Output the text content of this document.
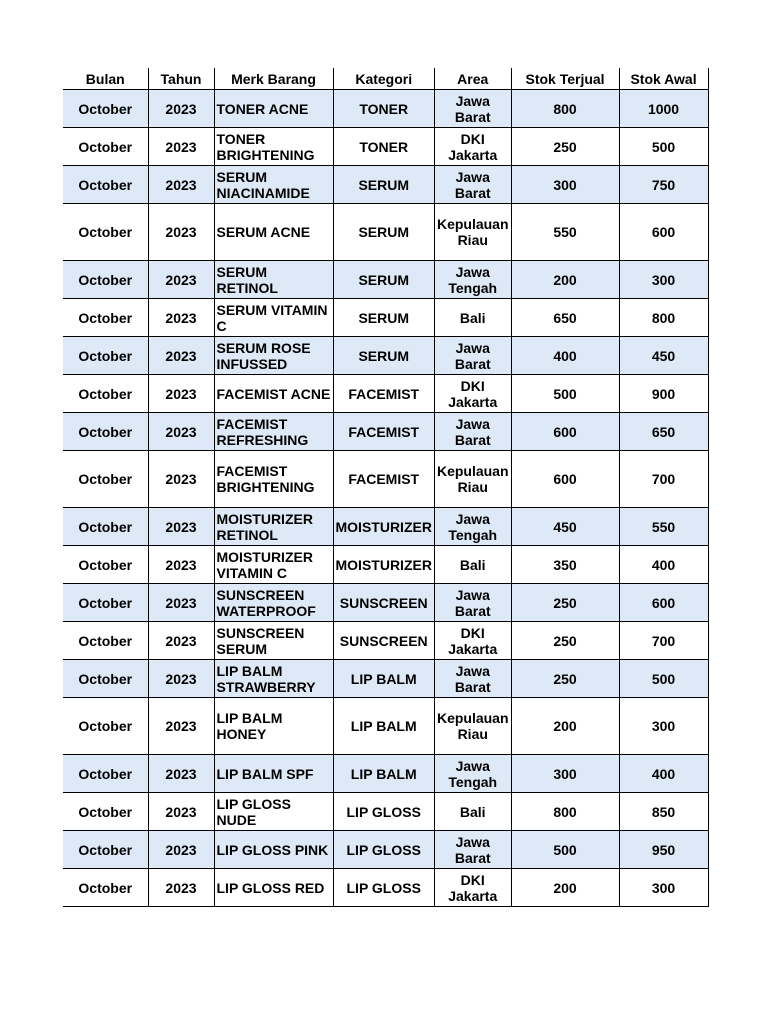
Bulan	Tahun	Merk Barang	Kategori	Area	Stok Terjual	Stok Awal
October	2023	TONER ACNE	TONER	Jawa Barat	800	1000
October	2023	TONER BRIGHTENING	TONER	DKI Jakarta	250	500
October	2023	SERUM NIACINAMIDE	SERUM	Jawa Barat	300	750
October	2023	SERUM ACNE	SERUM	Kepulauan Riau	550	600
October	2023	SERUM RETINOL	SERUM	Jawa Tengah	200	300
October	2023	SERUM VITAMIN C	SERUM	Bali	650	800
October	2023	SERUM ROSE INFUSSED	SERUM	Jawa Barat	400	450
October	2023	FACEMIST ACNE	FACEMIST	DKI Jakarta	500	900
October	2023	FACEMIST REFRESHING	FACEMIST	Jawa Barat	600	650
October	2023	FACEMIST BRIGHTENING	FACEMIST	Kepulauan Riau	600	700
October	2023	MOISTURIZER RETINOL	MOISTURIZER	Jawa Tengah	450	550
October	2023	MOISTURIZER VITAMIN C	MOISTURIZER	Bali	350	400
October	2023	SUNSCREEN WATERPROOF	SUNSCREEN	Jawa Barat	250	600
October	2023	SUNSCREEN SERUM	SUNSCREEN	DKI Jakarta	250	700
October	2023	LIP BALM STRAWBERRY	LIP BALM	Jawa Barat	250	500
October	2023	LIP BALM HONEY	LIP BALM	Kepulauan Riau	200	300
October	2023	LIP BALM SPF	LIP BALM	Jawa Tengah	300	400
October	2023	LIP GLOSS NUDE	LIP GLOSS	Bali	800	850
October	2023	LIP GLOSS PINK	LIP GLOSS	Jawa Barat	500	950
October	2023	LIP GLOSS RED	LIP GLOSS	DKI Jakarta	200	300
